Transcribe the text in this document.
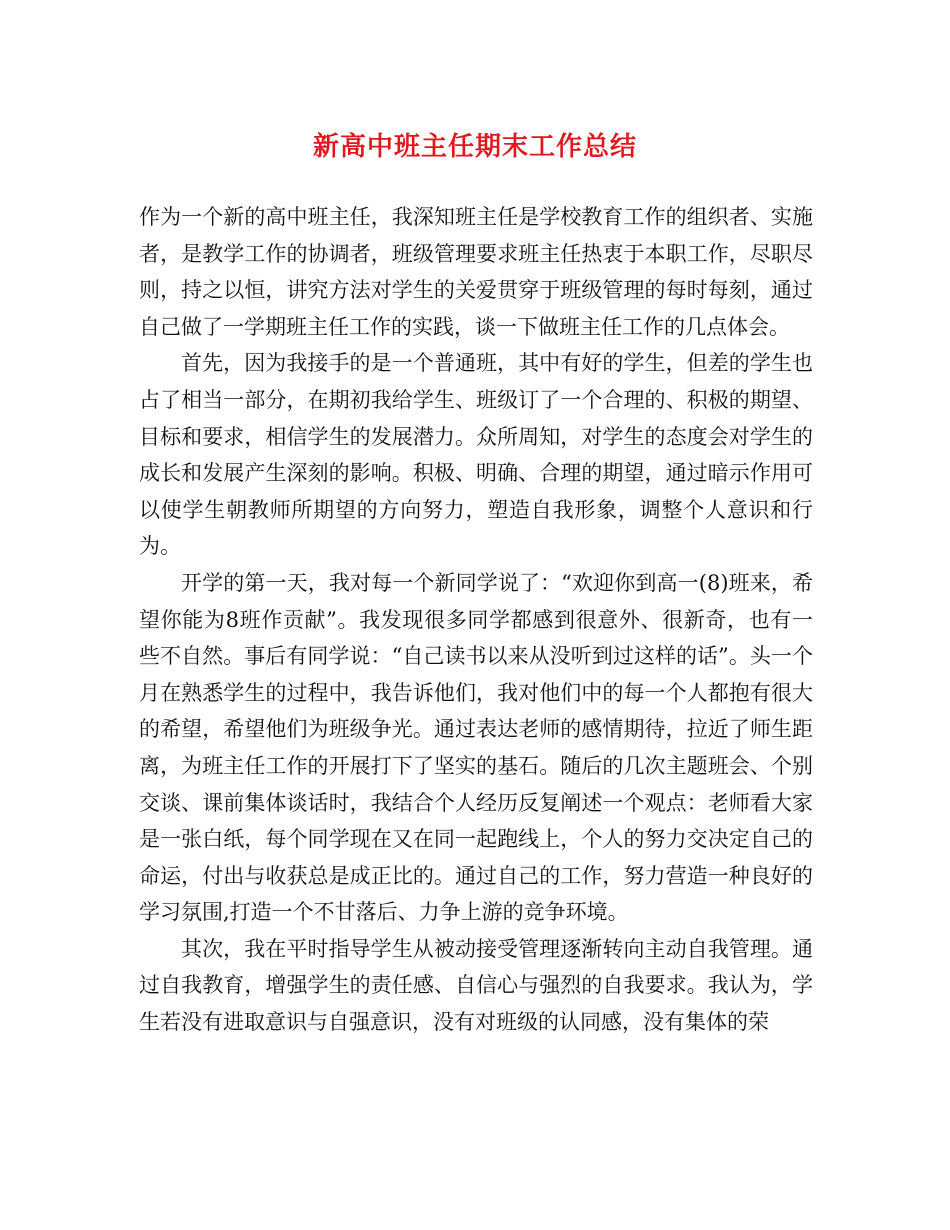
新高中班主任期末工作总结

作为一个新的高中班主任，我深知班主任是学校教育工作的组织者、实施者，是教学工作的协调者，班级管理要求班主任热衷于本职工作，尽职尽则，持之以恒，讲究方法对学生的关爱贯穿于班级管理的每时每刻，通过自己做了一学期班主任工作的实践，谈一下做班主任工作的几点体会。

首先，因为我接手的是一个普通班，其中有好的学生，但差的学生也占了相当一部分，在期初我给学生、班级订了一个合理的、积极的期望、目标和要求，相信学生的发展潜力。众所周知，对学生的态度会对学生的成长和发展产生深刻的影响。积极、明确、合理的期望，通过暗示作用可以使学生朝教师所期望的方向努力，塑造自我形象，调整个人意识和行为。

开学的第一天，我对每一个新同学说了：“欢迎你到高一(8)班来，希望你能为8班作贡献”。我发现很多同学都感到很意外、很新奇，也有一些不自然。事后有同学说：“自己读书以来从没听到过这样的话”。头一个月在熟悉学生的过程中，我告诉他们，我对他们中的每一个人都抱有很大的希望，希望他们为班级争光。通过表达老师的感情期待，拉近了师生距离，为班主任工作的开展打下了坚实的基石。随后的几次主题班会、个别交谈、课前集体谈话时，我结合个人经历反复阐述一个观点：老师看大家是一张白纸，每个同学现在又在同一起跑线上，个人的努力交决定自己的命运，付出与收获总是成正比的。通过自己的工作，努力营造一种良好的学习氛围,打造一个不甘落后、力争上游的竞争环境。

其次，我在平时指导学生从被动接受管理逐渐转向主动自我管理。通过自我教育，增强学生的责任感、自信心与强烈的自我要求。我认为，学生若没有进取意识与自强意识，没有对班级的认同感，没有集体的荣
